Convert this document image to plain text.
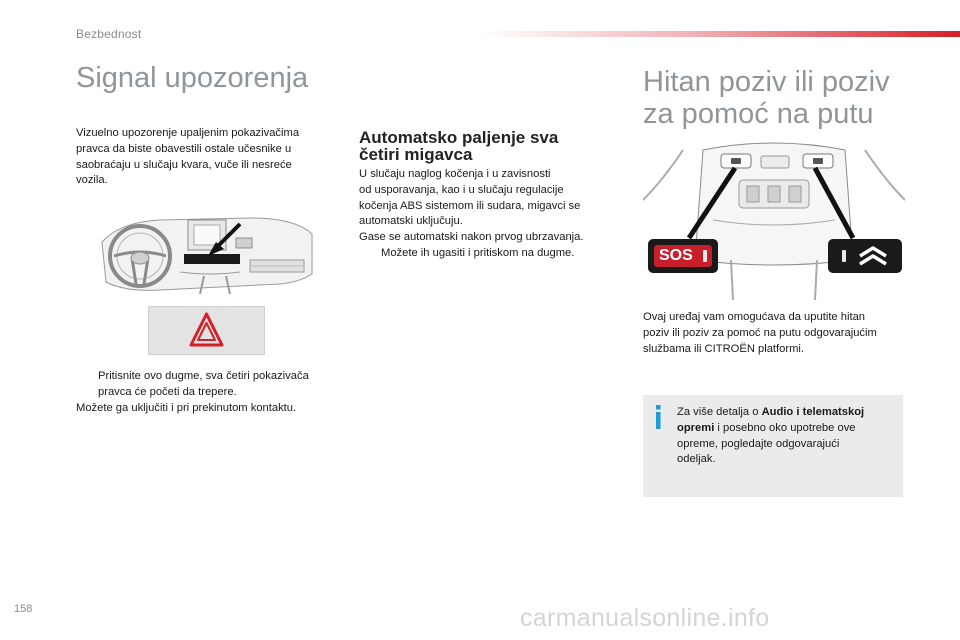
Bezbednost
Signal upozorenja
Vizuelno upozorenje upaljenim pokazivačima
pravca da biste obavestili ostale učesnike u
saobraćaju u slučaju kvara, vuče ili nesreće
vozila.
Pritisnite ovo dugme, sva četiri pokazivača
pravca će početi da trepere.
Možete ga uključiti i pri prekinutom kontaktu.
Automatsko paljenje sva
četiri migavca
U slučaju naglog kočenja i u zavisnosti
od usporavanja, kao i u slučaju regulacije
kočenja ABS sistemom ili sudara, migavci se
automatski uključuju.
Gase se automatski nakon prvog ubrzavanja.
Možete ih ugasiti i pritiskom na dugme.
Hitan poziv ili poziv
za pomoć na putu
SOS
Ovaj uređaj vam omogućava da uputite hitan
poziv ili poziv za pomoć na putu odgovarajućim
službama ili CITROËN platformi.
Za više detalja o Audio i telematskoj
opremi i posebno oko upotrebe ove
opreme, pogledajte odgovarajući
odeljak.
158	carmanualsonline.info
